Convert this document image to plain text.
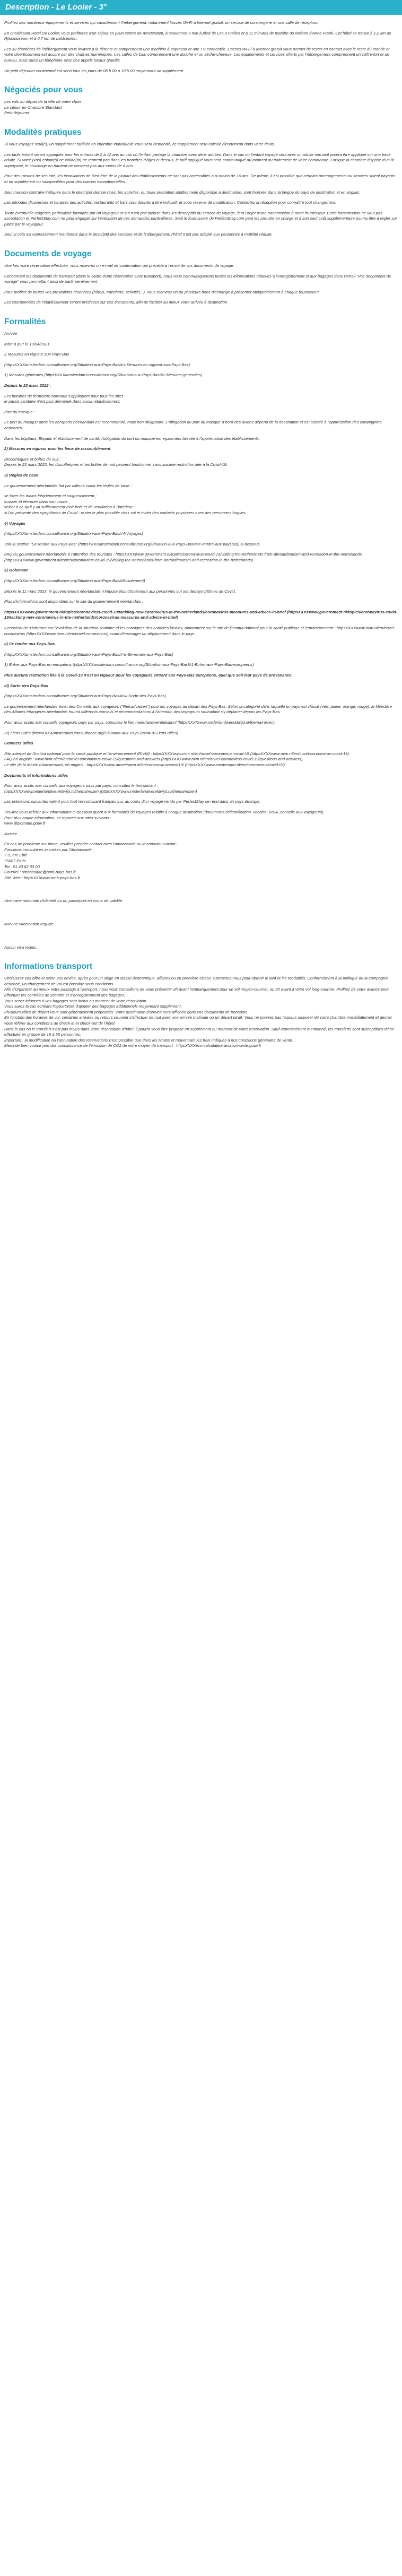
Description - Le Looier - 3°

Profitez des nombreux équipements et services qui caractérisent l'hébergement, notamment l'accès Wi-Fi à Internet gratuit, un service de conciergerie et une salle de réception.

En choisissant Hotel De Looier, vous profiterez d'un séjour en plein centre de Amsterdam, à seulement 3 min à pied de Les 9 ruelles et à 11 minutes de marche du Maison d'Anne Frank. Cet hôtel se trouve à 1,2 km de Rijksmuseum et à 0,7 km de Leidseplein.

Les 32 chambres de l'hébergement vous invitent à la détente et comprennent une machine à expresso et une TV connectée. L'accès Wi-Fi à Internet gratuit vous permet de rester en contact avec le reste du monde et votre divertissement est assuré par des chaînes numériques. Les salles de bain comprennent une douche et un sèche-cheveux. Les équipements et services offerts par l'hébergement comprennent un coffre-fort et un bureau, mais aussi un téléphone avec des appels locaux gratuits.

Un petit déjeuner continental est servi tous les jours de 08 h 00 à 10 h 00 moyennant un supplément.

Négociés pour vous

Les vols au départ de la ville de votre choix
Le séjour en Chambre Standard
Petit-déjeuner

Modalités pratiques

Si vous voyagez seul(e), un supplément tarifaire en chambre individuelle vous sera demandé, ce supplément sera calculé directement dans votre devis.

Les tarifs enfant seront appliqués pour les enfants de 2 à 12 ans au cas où l'enfant partage la chambre avec deux adultes. Dans le cas où l'enfant voyage seul avec un adulte son tarif pourra être appliqué sur une base adulte. Si votre (vos) enfant(s) ne valide(nt) ne rentrent pas dans les tranches d'âges ci-dessus, le tarif appliqué vous sera communiqué au moment du traitement de votre commande. Lorsque la chambre dispose d'un lit superposé, le couchage en hauteur ne convient pas aux moins de 6 ans.

Pour des raisons de sécurité, les installations de bien-être de la plupart des établissements ne sont pas accessibles aux moins de 16 ans. De même, il est possible que certains aménagements ou services soient payants et en supplément ou indisponibles pour des raisons exceptionnelles.

Seul mention contraire indiquée dans le descriptif des services, les activités, ou toute prestation additionnelle disponible à destination, sont fournies dans la langue du pays de destination et en anglais.

Les périodes d'ouverture et horaires des activités, restaurants et bars sont donnés à titre indicatif, et sous réserve de modification. Contactez la réception pour connaître tout changement.

Toute éventuelle exigence particulière formulée par un voyageur et qui n'est pas incluse dans les descriptifs du service de voyage, fera l'objet d'une transmission à notre fournisseur. Cette transmission ne vaut pas acceptation et PerfectStay.com ne peut engager sur l'exécution de ces demandes particulières. Seul le fournisseur de PerfectStay.com peut les prendre en charge et à son seul coût supplémentaire pourra être à régler sur place par le voyageur.

Seul si cela est expressément mentionné dans le descriptif des services et de l'hébergement, l'hôtel n'est pas adapté aux personnes à mobilité réduite.

Documents de voyage

Une fois votre réservation effectuée, vous recevrez un e-mail de confirmation qui précédera l'envoi de vos documents de voyage.

Concernant les documents de transport (dans le cadre d'une réservation avec transport), nous vous communiquerons toutes les informations relatives à l'enregistrement et aux bagages dans l'email "Vos documents de voyage" vous permettant ainsi de partir sereinement.

Pour profiter de toutes vos prestations réservées (hôtels, transferts, activités...), vous recevrez un ou plusieurs bons d'échange à présenter obligatoirement à chaque fournisseur.

Les coordonnées de l'établissement seront précisées sur ces documents, afin de faciliter au mieux votre arrivée à destination.

Formalités

Arrivée

Mise à jour le 19/04/2021

I) Mesures en vigueur aux Pays-Bas

(httpsXXXXamsterdam.consulfrance.org/Situation-aux-Pays-BasI#-I-Mesures-en-vigueur-aux-Pays-Bas)

1) Mesures générales (httpsXXXXamsterdam.consulfrance.org/Situation-aux-Pays-BasI#1-Mesures-generales)

Depuis le 23 mars 2022 :

Les horaires de fermeture normaux s'appliquent pour tous les sites :
le passe sanitaire n'est plus demandé dans aucun établissement.

Port du masque :

Le port du masque dans les aéroports néerlandais est recommandé, mais non obligatoire. L'obligation du port du masque à bord des avions dépend de la destination et est laissée à l'appréciation des compagnies aériennes.

Dans les hôpitaux, Ehpads et établissement de santé, l'obligation du port du masque est également laissée à l'appréciation des établissements.

2) Mesures en vigueur pour les lieux de rassemblement

Discothèques et boîtes de nuit :
Depuis le 23 mars 2022, les discothèques et les boîtes de nuit peuvent fonctionner sans aucune restriction liée à la Covid-19.

3) Règles de base

Le gouvernement néerlandais fait par ailleurs valoir les règles de base :

se laver les mains fréquemment et soigneusement ;
tousser et éternuer dans son coude ;
veiller à ce qu'il y ait suffisamment d'air frais et de ventilation à l'intérieur ;
si l'on présente des symptômes de Covid : rester le plus possible chez soi et éviter des contacts physiques avec des personnes fragiles.

4) Voyages

(httpsXXXXamsterdam.consulfrance.org/Situation-aux-Pays-BasI#4-Voyages)

Voir la section "Se rendre aux Pays-Bas" (httpsXXXXamsterdam.consulfrance.org/Situation-aux-Pays-BasI#se-rendre-aux-paysbas) ci-dessous.

FAQ du gouvernement néerlandais à l'attention des touristes : httpsXXXXwww.government.nl/topics/coronavirus-covid-19/visiting-the-netherlands-from-abroad/tourism-and-recreation-in-the-netherlands (httpsXXXXwww.government.nl/topics/coronavirus-covid-19/visiting-the-netherlands-from-abroad/tourism-and-recreation-in-the-netherlands).

5) Isolement

(httpsXXXXamsterdam.consulfrance.org/Situation-aux-Pays-BasI#5-Isolement)

Depuis le 11 mars 2023, le gouvernement néerlandais n'impose plus d'isolement aux personnes qui ont des symptômes de Covid.

Plus d'informations sont disponibles sur le site du gouvernement néerlandais :

httpsXXXXwww.government.nl/topics/coronavirus-covid-19/tackling-new-coronavirus-in-the-netherlands/coronavirus-measures-and-advice-in-brief (httpsXXXXwww.government.nl/topics/coronavirus-covid-19/tackling-new-coronavirus-in-the-netherlands/coronavirus-measures-and-advice-in-brief)

Il convient de s'informer sur l'évolution de la situation sanitaire et les consignes des autorités locales, notamment sur le site de l'Institut national pour la santé publique et l'environnement : httpsXXXXwww.rivm.nl/en/novel-coronavirus (httpsXXXXwww.rivm.nl/en/novel-coronavirus) avant d'envisager un déplacement dans le pays.

II) Se rendre aux Pays-Bas

(httpsXXXXamsterdam.consulfrance.org/Situation-aux-Pays-BasI#-II-Se-rendre-aux-Pays-Bas)

1) Entrer aux Pays-Bas en européens (httpsXXXXamsterdam.consulfrance.org/Situation-aux-Pays-BasI#1-Entrer-aux-Pays-Bas-europeens)

Plus aucune restriction liée à la Covid-19 n'est en vigueur pour les voyageurs entrant aux Pays-Bas européens, quel que soit leur pays de provenance.

III) Sortir des Pays-Bas

(httpsXXXXamsterdam.consulfrance.org/Situation-aux-Pays-BasI#-III-Sortir-des-Pays-Bas)

Le gouvernement néerlandais émet des Conseils aux voyageurs ("Reisadviezen") pour les voyages au départ des Pays-Bas. Selon la catégorie dans laquelle un pays est classé (vert, jaune, orange, rouge), le Ministère des Affaires étrangères néerlandais fournit différents conseils et recommandations à l'attention des voyageurs souhaitant s'y déplacer depuis les Pays-Bas.

Pour avoir accès aux conseils voyageurs pays par pays, consultez le lien nederlandwereldwijd.nl (httpsXXXXwww.nederlandwereldwijd.nl/thema/reizen).

IV) Liens utiles (httpsXXXXamsterdam.consulfrance.org/Situation-aux-Pays-BasI#-IV-Liens-utiles)

Contacts utiles

Site internet de l'Institut national pour la santé publique et l'environnement (RIVM) : httpsXXXXwww.rivm.nl/en/novel-coronavirus-covid-19 (httpsXXXXwww.rivm.nl/en/novel-coronavirus-covid-19).
FAQ en anglais : www.rivm.nl/en/en/novel-coronavirus-covid-19/questions-and-answers (httpsXXXXwww.rivm.nl/en/novel-coronavirus-covid-19/questions-and-answers)
Le site de la Mairie d'Amsterdam, en anglais : httpsXXXXwww.amsterdam.nl/en/coronavirus/covid19/ (httpsXXXXwww.amsterdam.nl/en/coronavirus/covid19/)

Documents et informations utiles

Pour avoir accès aux conseils aux voyageurs pays par pays, consultez le lien suivant :
httpsXXXXwww.nederlandwereldwijd.nl/thema/reizen (httpsXXXXwww.nederlandwereldwijd.nl/thema/reizen)

Les précisions suivantes valent pour tout ressortissant français qui, au cours d'un voyage vendu par PerfectStay se rend dans un pays étranger.

Veuillez vous référer aux informations ci-dessous quant aux formalités de voyages relatifs à chaque destination (documents d'identification, vaccins, VISA, conseils aux voyageurs).
Pour plus ample information, se reporter aux sites suivants :
www.diplomatie.gouv.fr

Arrivée

En cas de problème sur place, veuillez prendre contact avec l'ambassade ou le consulat suivant :
Fonctions consulaires assurées par l'Ambassade
7-9, rue Eblé
75007 Paris
Tel : 01.40.62.33.00
Courriel : ambassade@amb-pays-bas.fr
Site Web : httpXXXXwww.amb-pays-bas.fr

Une carte nationale d'identité ou un passeport en cours de validité.

Aucune vaccination requise.

Aucun visa requis.

Informations transport

Choisissez vos offre et selon vos envies, après pour un siège en classe économique, affaires ou en première classe. Contactez-nous pour obtenir le tarif et les modalités. Conformément à la politique de la compagnie aérienne, un changement de vol est possible sous conditions.
Afin d'organiser au mieux votre passage à l'aéroport, nous vous conseillons de vous présenter 2h avant l'embarquement pour un vol moyen-courrier, ou 3h avant à votre vol long-courrier. Profitez de votre avance pour effectuer les contrôles de sécurité et d'enregistrement des bagages.
Vous serez informés à vos bagages sont inclus au moment de votre réservation.
Vous aurez la cas échéant l'opportunité d'ajouter des bagages additionnels moyennant supplément.
Plusieurs villes de départ vous sont généralement proposées. Votre destination d'arrivée sera affichée dans vos documents de transport.
En fonction des horaires de vol, certaines arrivées ou retours peuvent s'effectuer de nuit avec une arrivée matinale ou un départ tardif. Vous ne pourrez pas toujours disposer de votre chambre immédiatement et devrez vous référer aux conditions de check-in et check-out de l'hôtel.
Dans le cas où le transfert n'est pas inclus dans votre réservation d'hôtel, il pourra vous être proposé en supplément au moment de votre réservation. Sauf expressément mentionné, les transferts sont susceptibles d'être effectués en groupe de 15 à 55 personnes.
Important : la modification ou l'annulation des réservations n'est possible que dans les limites et moyennant les frais indiqués à nos conditions générales de vente.
Merci de bien vouloir prendre connaissance de l'émission de CO2 de votre moyen de transport : httpsXXXXeco-calculateur.aviation-civile.gouv.fr
